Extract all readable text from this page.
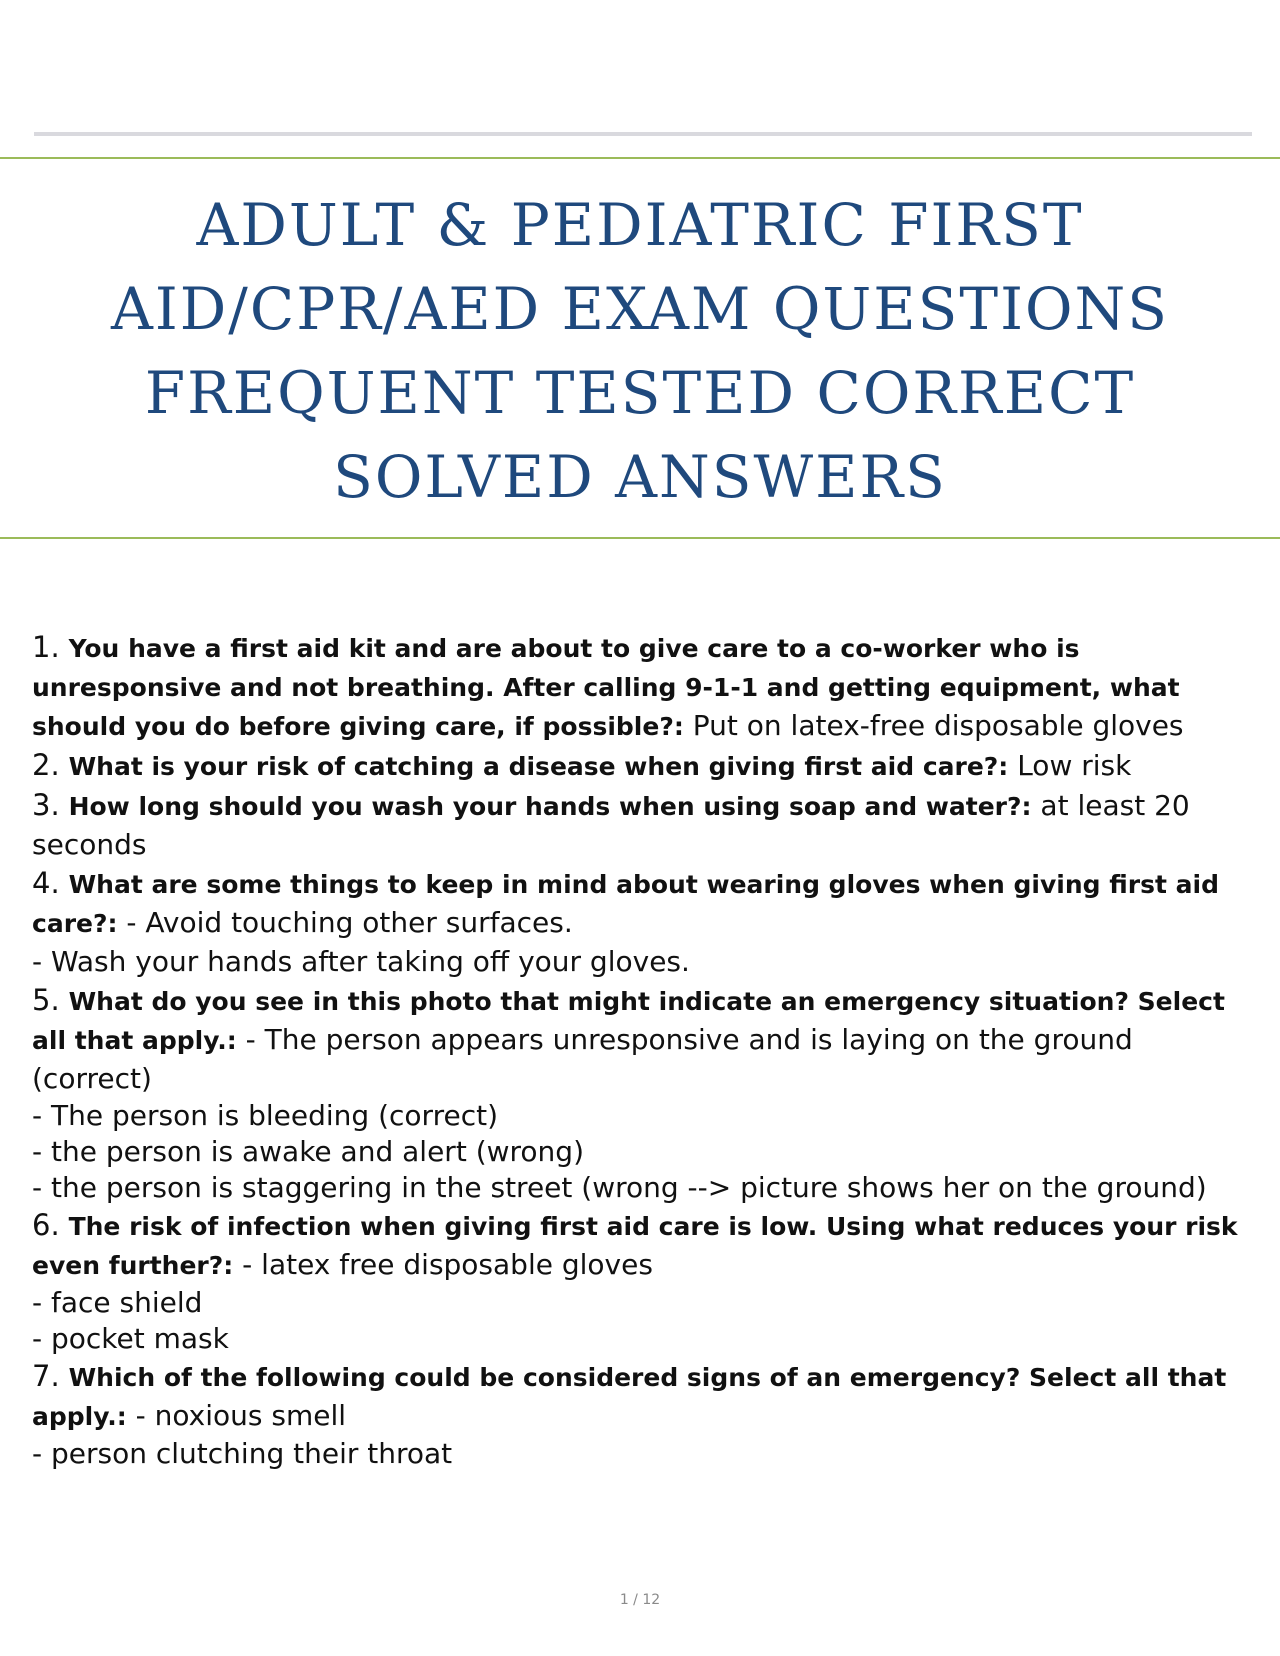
ADULT & PEDIATRIC FIRST AID/CPR/AED EXAM QUESTIONS FREQUENT TESTED CORRECT SOLVED ANSWERS

1. You have a first aid kit and are about to give care to a co-worker who is unresponsive and not breathing. After calling 9-1-1 and getting equipment, what should you do before giving care, if possible?: Put on latex-free disposable gloves

2. What is your risk of catching a disease when giving first aid care?: Low risk

3. How long should you wash your hands when using soap and water?: at least 20 seconds

4. What are some things to keep in mind about wearing gloves when giving first aid care?: - Avoid touching other surfaces.

- Wash your hands after taking off your gloves.

5. What do you see in this photo that might indicate an emergency situation? Select all that apply.: - The person appears unresponsive and is laying on the ground (correct)

- The person is bleeding (correct)

- the person is awake and alert (wrong)

- the person is staggering in the street (wrong --> picture shows her on the ground)

6. The risk of infection when giving first aid care is low. Using what reduces your risk even further?: - latex free disposable gloves

- face shield

- pocket mask

7. Which of the following could be considered signs of an emergency? Select all that apply.: - noxious smell

- person clutching their throat

1 / 12
